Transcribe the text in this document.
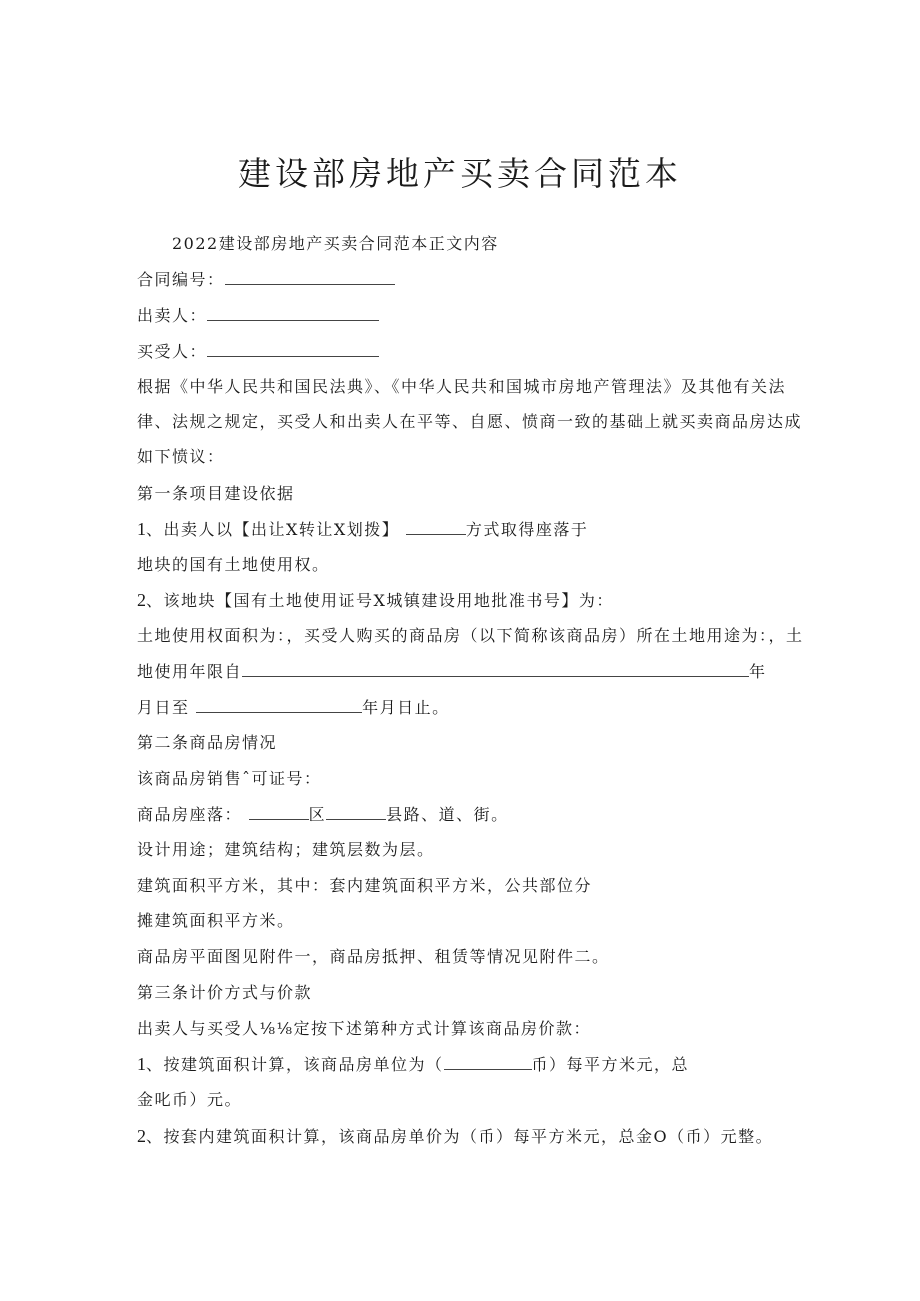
建设部房地产买卖合同范本
2022建设部房地产买卖合同范本正文内容
合同编号：
出卖人：
买受人：
根据《中华人民共和国民法典》、《中华人民共和国城市房地产管理法》及其他有关法
律、法规之规定，买受人和出卖人在平等、自愿、愤商一致的基础上就买卖商品房达成
如下愤议：
第一条项目建设依据
1、出卖人以【出让X转让X划拨】	方式取得座落于
地块的国有土地使用权。
2、该地块【国有土地使用证号X城镇建设用地批准书号】为：
土地使用权面积为：，买受人购买的商品房（以下简称该商品房）所在土地用途为：，土
地使用年限自	年
月日至	年月日止。
第二条商品房情况
该商品房销售ˆ可证号：
商品房座落：	区	县路、道、街。
设计用途；建筑结构；建筑层数为层。
建筑面积平方米，其中：套内建筑面积平方米，公共部位分
摊建筑面积平方米。
商品房平面图见附件一，商品房抵押、租赁等情况见附件二。
第三条计价方式与价款
出卖人与买受人⅛⅛定按下述第种方式计算该商品房价款：
1、按建筑面积计算，该商品房单位为（	币）每平方米元，总
金叱币）元。
2、按套内建筑面积计算，该商品房单价为（币）每平方米元，总金O（币）元整。
